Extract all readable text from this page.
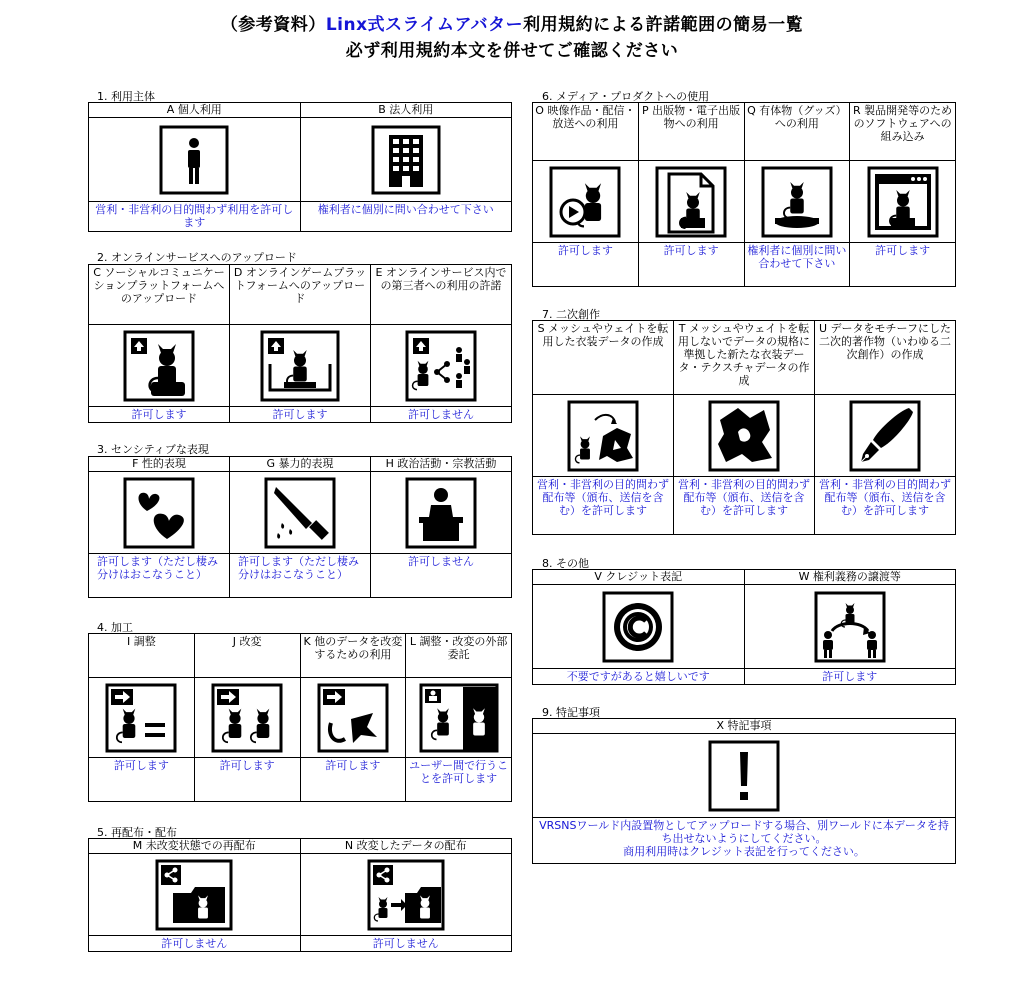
（参考資料）Linx式スライムアバター利用規約による許諾範囲の簡易一覧
必ず利用規約本文を併せてご確認ください
1. 利用主体
A 個人利用	B 法人利用

営利・非営利の目的問わず利用を許可します	権利者に個別に問い合わせて下さい
2. オンラインサービスへのアップロード
C ソーシャルコミュニケーションプラットフォームへのアップロード	D オンラインゲームプラットフォームへのアップロード	E オンラインサービス内での第三者への利用の許諾

許可します	許可します	許可しません
3. センシティブな表現
F 性的表現	G 暴力的表現	H 政治活動・宗教活動

許可します（ただし棲み分けはおこなうこと）	許可します（ただし棲み分けはおこなうこと）	許可しません
4. 加工
I 調整	J 改変	K 他のデータを改変するための利用	L 調整・改変の外部委託

許可します	許可します	許可します	ユーザー間で行うことを許可します
5. 再配布・配布
M 未改変状態での再配布	N 改変したデータの配布

許可しません	許可しません
6. メディア・プロダクトへの使用
O 映像作品・配信・放送への利用	P 出版物・電子出版物への利用	Q 有体物（グッズ）への利用	R 製品開発等のためのソフトウェアへの組み込み

許可します	許可します	権利者に個別に問い合わせて下さい	許可します
7. 二次創作
S メッシュやウェイトを転用した衣装データの作成	T メッシュやウェイトを転用しないでデータの規格に準拠した新たな衣装データ・テクスチャデータの作成	U データをモチーフにした二次的著作物（いわゆる二次創作）の作成

営利・非営利の目的問わず配布等（頒布、送信を含む）を許可します	営利・非営利の目的問わず配布等（頒布、送信を含む）を許可します	営利・非営利の目的問わず配布等（頒布、送信を含む）を許可します
8. その他
V クレジット表記	W 権利義務の譲渡等

不要ですがあると嬉しいです	許可します
9. 特記事項
X 特記事項

VRSNSワールド内設置物としてアップロードする場合、別ワールドに本データを持ち出せないようにしてください。
商用利用時はクレジット表記を行ってください。
